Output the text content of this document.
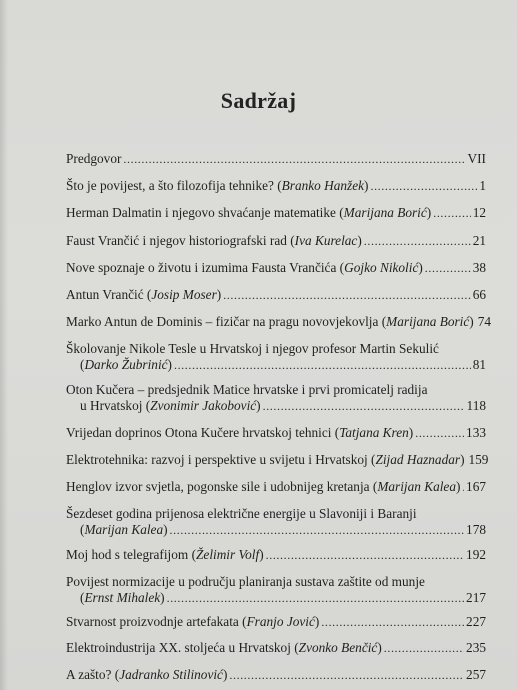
Sadržaj
Predgovor . . .	VII
Što je povijest, a što filozofija tehnike? (Branko Hanžek) . . .	1
Herman Dalmatin i njegovo shvaćanje matematike (Marijana Borić) . . .	12
Faust Vrančić i njegov historiografski rad (Iva Kurelac) . . .	21
Nove spoznaje o životu i izumima Fausta Vrančića (Gojko Nikolić) . . .	38
Antun Vrančić (Josip Moser) . . .	66
Marko Antun de Dominis – fizičar na pragu novovjekovlja (Marijana Borić) 74
Školovanje Nikole Tesle u Hrvatskoj i njegov profesor Martin Sekulić
(Darko Žubrinić) . . .	81
Oton Kučera – predsjednik Matice hrvatske i prvi promicatelj radija
u Hrvatskoj (Zvonimir Jakobović) . . .	118
Vrijedan doprinos Otona Kučere hrvatskoj tehnici (Tatjana Kren) . . .	133
Elektrotehnika: razvoj i perspektive u svijetu i Hrvatskoj (Zijad Haznadar) 159
Henglov izvor svjetla, pogonske sile i udobnijeg kretanja (Marijan Kalea) . . . 167
Šezdeset godina prijenosa električne energije u Slavoniji i Baranji
(Marijan Kalea) . . .	178
Moj hod s telegrafijom (Želimir Volf) . . .	192
Povijest normizacije u području planiranja sustava zaštite od munje
(Ernst Mihalek) . . .	217
Stvarnost proizvodnje artefakata (Franjo Jović) . . .	227
Elektroindustrija XX. stoljeća u Hrvatskoj (Zvonko Benčić) . . .	235
A zašto? (Jadranko Stilinović) . . .	257
